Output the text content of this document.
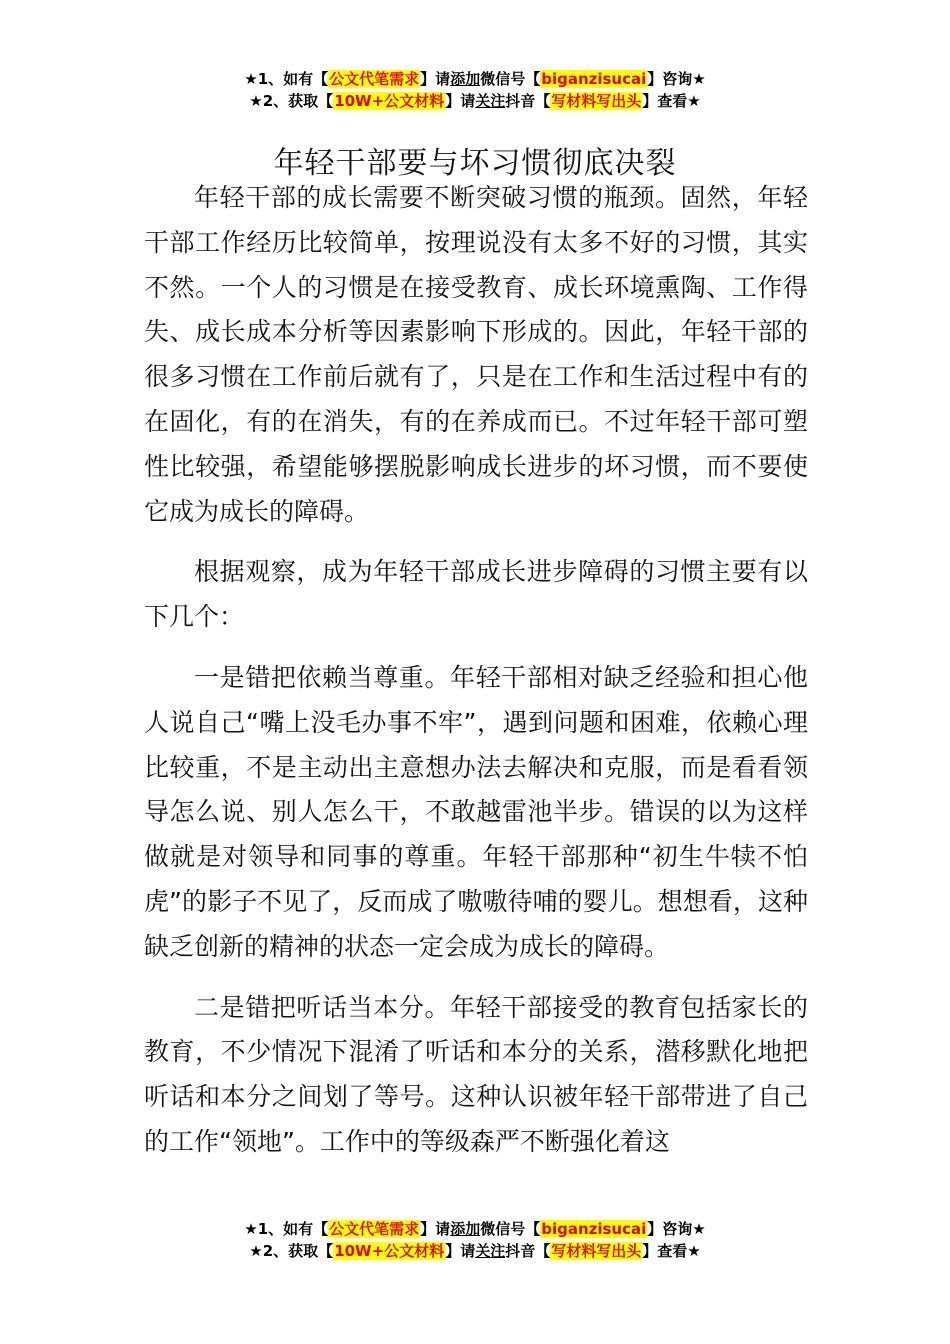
★1、如有【公文代笔需求】请添加微信号【biganzisucai】咨询★
★2、获取【10W+公文材料】请关注抖音【写材料写出头】查看★
年轻干部要与坏习惯彻底决裂

年轻干部的成长需要不断突破习惯的瓶颈。固然，年轻干部工作经历比较简单，按理说没有太多不好的习惯，其实不然。一个人的习惯是在接受教育、成长环境熏陶、工作得失、成长成本分析等因素影响下形成的。因此，年轻干部的很多习惯在工作前后就有了，只是在工作和生活过程中有的在固化，有的在消失，有的在养成而已。不过年轻干部可塑性比较强，希望能够摆脱影响成长进步的坏习惯，而不要使它成为成长的障碍。

根据观察，成为年轻干部成长进步障碍的习惯主要有以下几个：

一是错把依赖当尊重。年轻干部相对缺乏经验和担心他人说自己“嘴上没毛办事不牢”，遇到问题和困难，依赖心理比较重，不是主动出主意想办法去解决和克服，而是看看领导怎么说、别人怎么干，不敢越雷池半步。错误的以为这样做就是对领导和同事的尊重。年轻干部那种“初生牛犊不怕虎”的影子不见了，反而成了嗷嗷待哺的婴儿。想想看，这种缺乏创新的精神的状态一定会成为成长的障碍。

二是错把听话当本分。年轻干部接受的教育包括家长的教育，不少情况下混淆了听话和本分的关系，潜移默化地把听话和本分之间划了等号。这种认识被年轻干部带进了自己的工作“领地”。工作中的等级森严不断强化着这

★1、如有【公文代笔需求】请添加微信号【biganzisucai】咨询★
★2、获取【10W+公文材料】请关注抖音【写材料写出头】查看★
